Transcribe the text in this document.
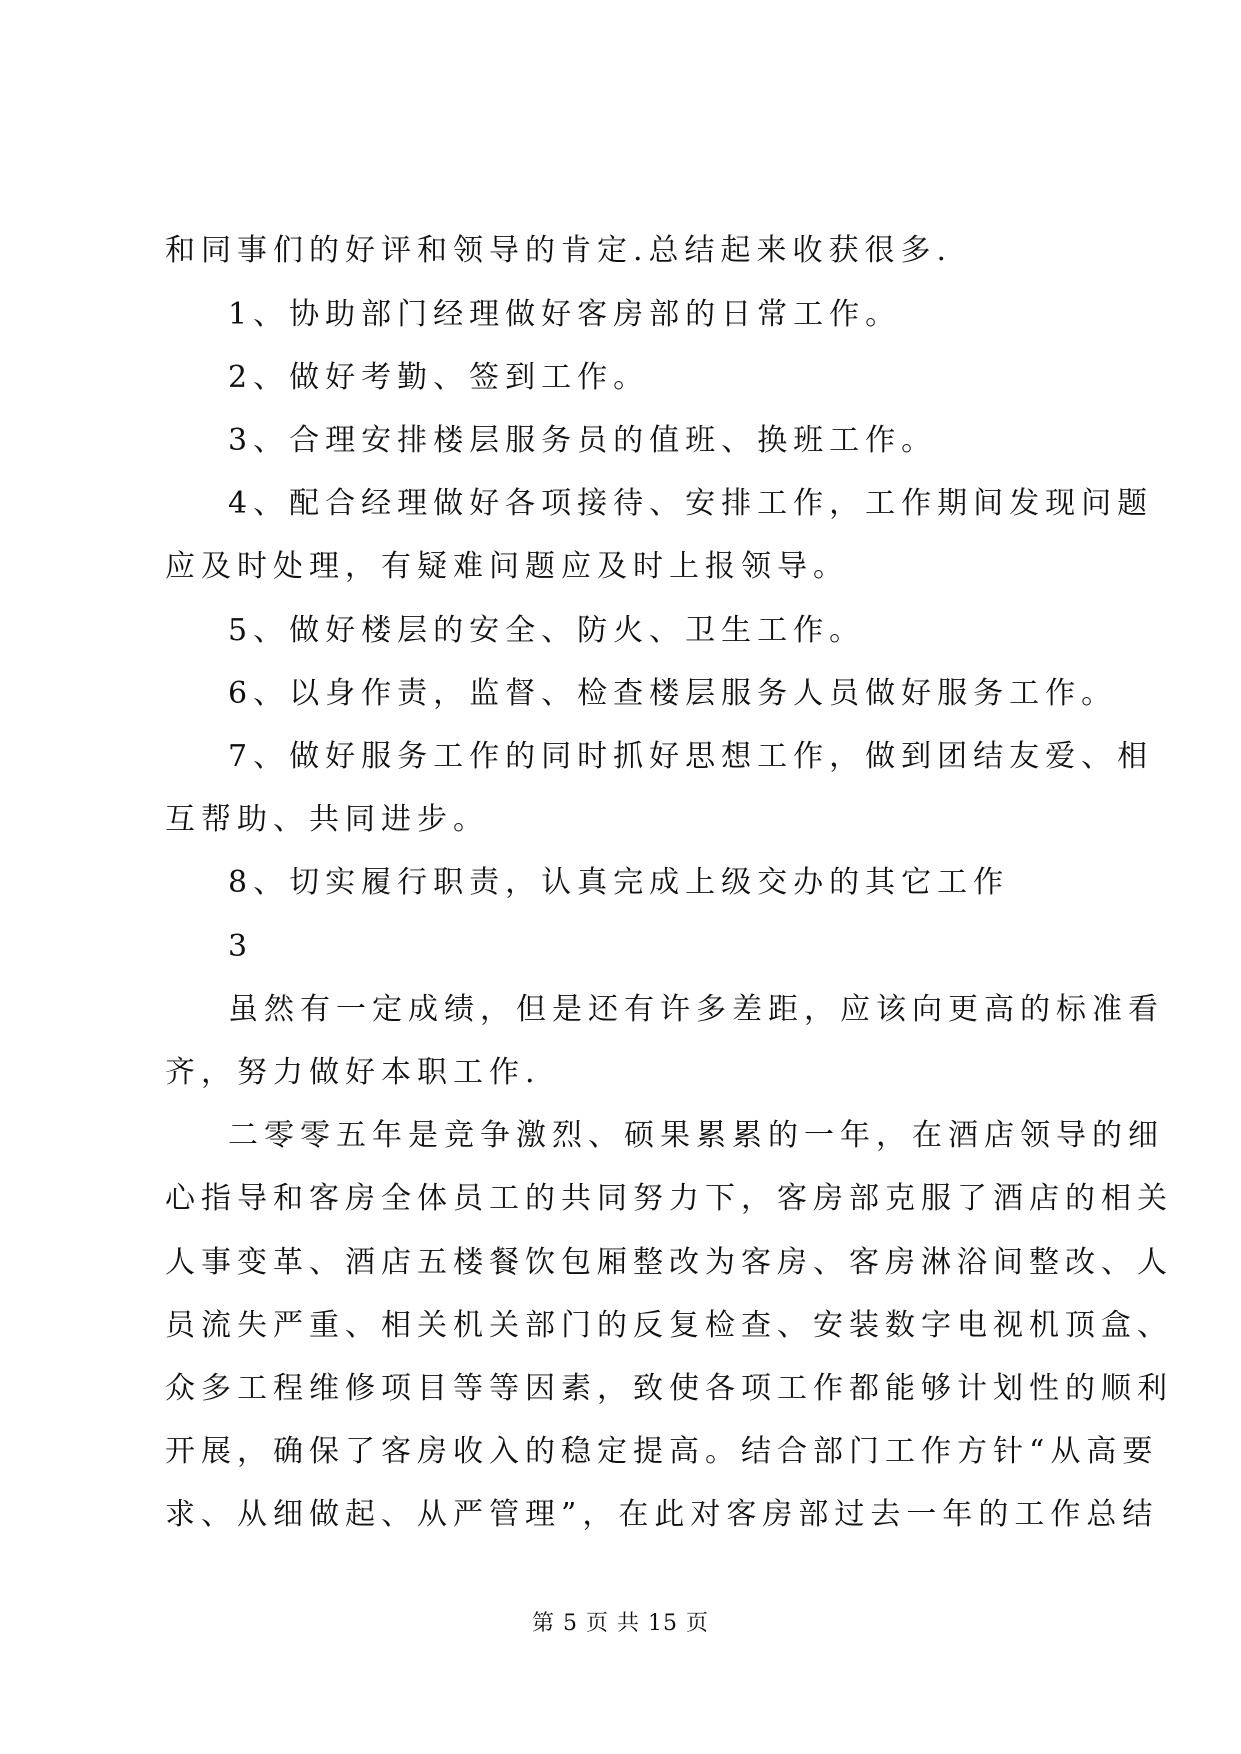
和同事们的好评和领导的肯定.总结起来收获很多.
1、协助部门经理做好客房部的日常工作。
2、做好考勤、签到工作。
3、合理安排楼层服务员的值班、换班工作。
4、配合经理做好各项接待、安排工作，工作期间发现问题
应及时处理，有疑难问题应及时上报领导。
5、做好楼层的安全、防火、卫生工作。
6、以身作责，监督、检查楼层服务人员做好服务工作。
7、做好服务工作的同时抓好思想工作，做到团结友爱、相
互帮助、共同进步。
8、切实履行职责，认真完成上级交办的其它工作
3
虽然有一定成绩，但是还有许多差距，应该向更高的标准看
齐，努力做好本职工作.
二零零五年是竞争激烈、硕果累累的一年，在酒店领导的细
心指导和客房全体员工的共同努力下，客房部克服了酒店的相关
人事变革、酒店五楼餐饮包厢整改为客房、客房淋浴间整改、人
员流失严重、相关机关部门的反复检查、安装数字电视机顶盒、
众多工程维修项目等等因素，致使各项工作都能够计划性的顺利
开展，确保了客房收入的稳定提高。结合部门工作方针“从高要
求、从细做起、从严管理”，在此对客房部过去一年的工作总结
第 5 页 共 15 页
